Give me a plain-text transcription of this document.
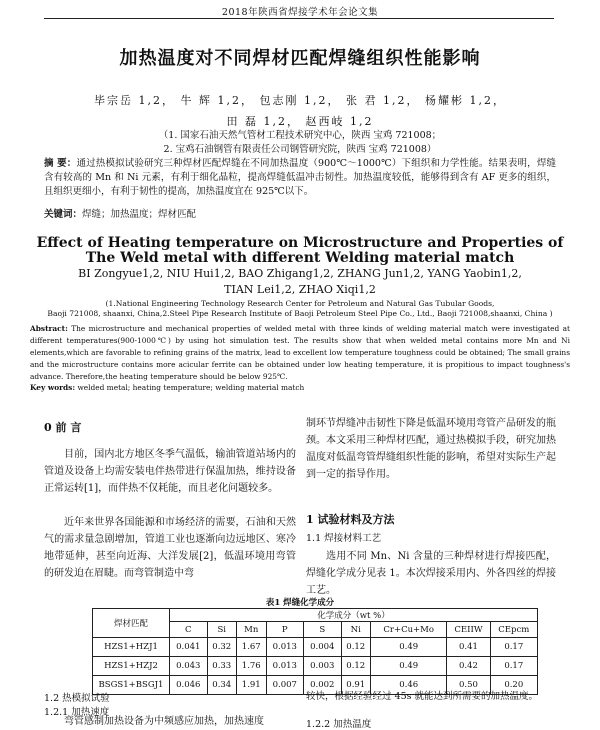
2018年陕西省焊接学术年会论文集
加热温度对不同焊材匹配焊缝组织性能影响
毕宗岳 1,2， 牛 辉 1,2， 包志刚 1,2， 张 君 1,2， 杨耀彬 1,2，
田 磊 1,2， 赵西岐 1,2
（1. 国家石油天然气管材工程技术研究中心，陕西 宝鸡 721008；
2. 宝鸡石油钢管有限责任公司钢管研究院，陕西 宝鸡 721008）
摘 要：通过热模拟试验研究三种焊材匹配焊缝在不同加热温度（900℃～1000℃）下组织和力学性能。结果表明，焊缝含有较高的 Mn 和 Ni 元素，有利于细化晶粒，提高焊缝低温冲击韧性。加热温度较低，能够得到含有 AF 更多的组织，且组织更细小，有利于韧性的提高，加热温度宜在 925℃以下。
关键词：焊缝；加热温度；焊材匹配
Effect of Heating temperature on Microstructure and Properties of
The Weld metal with different Welding material match
BI Zongyue1,2, NIU Hui1,2, BAO Zhigang1,2, ZHANG Jun1,2, YANG Yaobin1,2,
TIAN Lei1,2, ZHAO Xiqi1,2
(1.National Engineering Technology Research Center for Petroleum and Natural Gas Tubular Goods,
Baoji 721008, shaanxi, China,2.Steel Pipe Research Institute of Baoji Petroleum Steel Pipe Co., Ltd., Baoji 721008,shaanxi, China )
Abstract: The microstructure and mechanical properties of welded metal with three kinds of welding material match were investigated at different temperatures(900-1000℃) by using hot simulation test. The results show that when welded metal contains more Mn and Ni elements,which are favorable to refining grains of the matrix, lead to excellent low temperature toughness could be obtained; The small grains and the microstructure contains more acicular ferrite can be obtained under low heating temperature, it is propitious to impact toughness's advance. Therefore,the heating temperature should be below 925℃.
Key words: welded metal; heating temperature; welding material match
0 前 言
目前，国内北方地区冬季气温低，输油管道站场内的管道及设备上均需安装电伴热带进行保温加热，维持设备正常运转[1]，而伴热不仅耗能，而且老化问题较多。
近年来世界各国能源和市场经济的需要，石油和天然气的需求量急剧增加，管道工业也逐渐向边远地区、寒冷地带延伸，甚至向近海、大洋发展[2]，低温环境用弯管的研发迫在眉睫。而弯管制造中弯
制环节焊缝冲击韧性下降是低温环境用弯管产品研发的瓶颈。本文采用三种焊材匹配，通过热模拟手段，研究加热温度对低温弯管焊缝组织性能的影响，希望对实际生产起到一定的指导作用。
1 试验材料及方法
1.1 焊接材料工艺
选用不同 Mn、Ni 含量的三种焊材进行焊接匹配，焊缝化学成分见表 1。本次焊接采用内、外各四丝的焊接工艺。
表1 焊缝化学成分
焊材匹配	化学成分（wt %）								
	C	Si	Mn	P	S	Ni	Cr+Cu+Mo	CEIIW	CEpcm
HZS1+HZJ1	0.041	0.32	1.67	0.013	0.004	0.12	0.49	0.41	0.17
HZS1+HZJ2	0.043	0.33	1.76	0.013	0.003	0.12	0.49	0.42	0.17
BSGS1+BSGJ1	0.046	0.34	1.91	0.007	0.002	0.91	0.46	0.50	0.20
1.2 热模拟试验
1.2.1 加热速度
弯管感制加热设备为中频感应加热，加热速度
较快，根据经验经过 45s 就能达到所需要的加热温度。
1.2.2 加热温度
